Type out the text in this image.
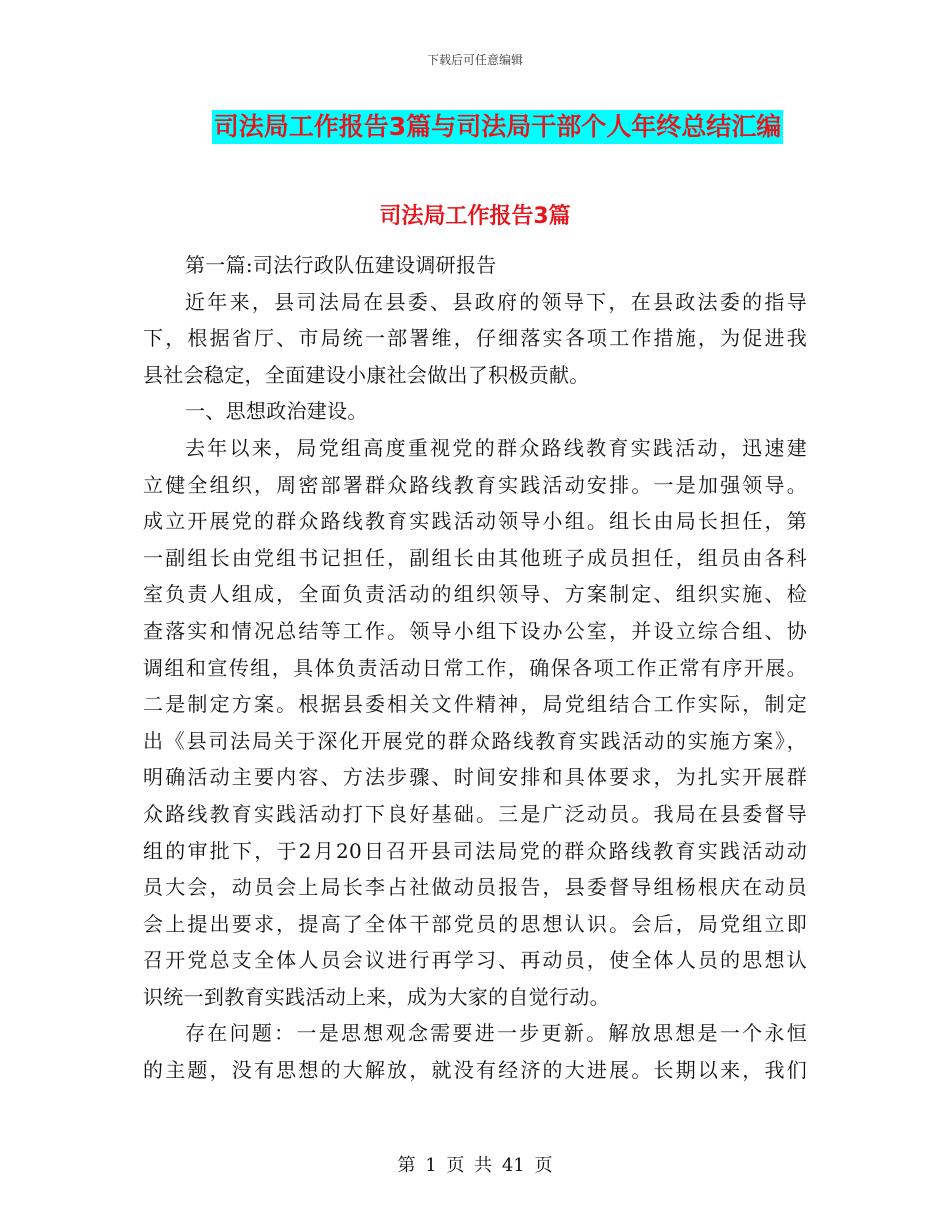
下载后可任意编辑
司法局工作报告3篇与司法局干部个人年终总结汇编
司法局工作报告3篇
第一篇:司法行政队伍建设调研报告
近年来，县司法局在县委、县政府的领导下，在县政法委的指导
下，根据省厅、市局统一部署维，仔细落实各项工作措施，为促进我
县社会稳定，全面建设小康社会做出了积极贡献。
一、思想政治建设。
去年以来，局党组高度重视党的群众路线教育实践活动，迅速建
立健全组织，周密部署群众路线教育实践活动安排。一是加强领导。
成立开展党的群众路线教育实践活动领导小组。组长由局长担任，第
一副组长由党组书记担任，副组长由其他班子成员担任，组员由各科
室负责人组成，全面负责活动的组织领导、方案制定、组织实施、检
查落实和情况总结等工作。领导小组下设办公室，并设立综合组、协
调组和宣传组，具体负责活动日常工作，确保各项工作正常有序开展。
二是制定方案。根据县委相关文件精神，局党组结合工作实际，制定
出《县司法局关于深化开展党的群众路线教育实践活动的实施方案》，
明确活动主要内容、方法步骤、时间安排和具体要求，为扎实开展群
众路线教育实践活动打下良好基础。三是广泛动员。我局在县委督导
组的审批下，于2月20日召开县司法局党的群众路线教育实践活动动
员大会，动员会上局长李占社做动员报告，县委督导组杨根庆在动员
会上提出要求，提高了全体干部党员的思想认识。会后，局党组立即
召开党总支全体人员会议进行再学习、再动员，使全体人员的思想认
识统一到教育实践活动上来，成为大家的自觉行动。
存在问题：一是思想观念需要进一步更新。解放思想是一个永恒
的主题，没有思想的大解放，就没有经济的大进展。长期以来，我们
第 1 页 共 41 页
